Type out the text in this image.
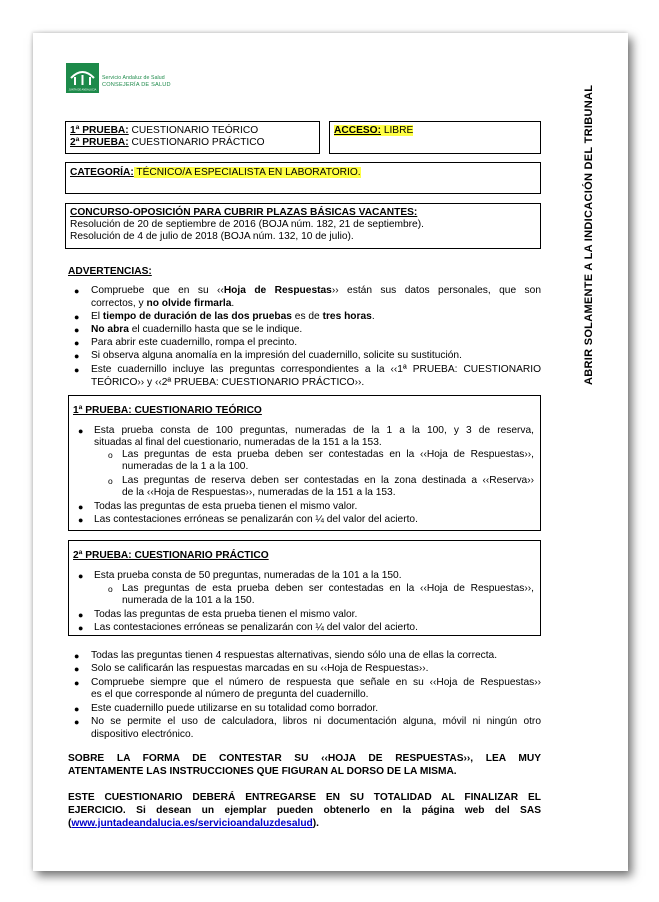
JUNTA DE ANDALUCIA
Servicio Andaluz de Salud
CONSEJERÍA DE SALUD	ABRIR SOLAMENTE A LA INDICACIÓN DEL TRIBUNAL
1ª PRUEBA: CUESTIONARIO TEÓRICO
2ª PRUEBA: CUESTIONARIO PRÁCTICO
ACCESO: LIBRE
CATEGORÍA: TÉCNICO/A ESPECIALISTA EN LABORATORIO.
CONCURSO-OPOSICIÓN PARA CUBRIR PLAZAS BÁSICAS VACANTES:
Resolución de 20 de septiembre de 2016 (BOJA núm. 182, 21 de septiembre).
Resolución de 4 de julio de 2018 (BOJA núm. 132, 10 de julio).
ADVERTENCIAS:
● Compruebe que en su ‹‹Hoja de Respuestas›› están sus datos personales, que son
correctos, y no olvide firmarla.
● El tiempo de duración de las dos pruebas es de tres horas.
● No abra el cuadernillo hasta que se le indique.
● Para abrir este cuadernillo, rompa el precinto.
● Si observa alguna anomalía en la impresión del cuadernillo, solicite su sustitución.
● Este cuadernillo incluye las preguntas correspondientes a la ‹‹1ª PRUEBA: CUESTIONARIO
TEÓRICO›› y ‹‹2ª PRUEBA: CUESTIONARIO PRÁCTICO››.
1ª PRUEBA: CUESTIONARIO TEÓRICO
● Esta prueba consta de 100 preguntas, numeradas de la 1 a la 100, y 3 de reserva,
situadas al final del cuestionario, numeradas de la 151 a la 153.
o Las preguntas de esta prueba deben ser contestadas en la ‹‹Hoja de Respuestas››,
numeradas de la 1 a la 100.
o Las preguntas de reserva deben ser contestadas en la zona destinada a ‹‹Reserva››
de la ‹‹Hoja de Respuestas››, numeradas de la 151 a la 153.
● Todas las preguntas de esta prueba tienen el mismo valor.
● Las contestaciones erróneas se penalizarán con ¼ del valor del acierto.
2ª PRUEBA: CUESTIONARIO PRÁCTICO
● Esta prueba consta de 50 preguntas, numeradas de la 101 a la 150.
o Las preguntas de esta prueba deben ser contestadas en la ‹‹Hoja de Respuestas››,
numerada de la 101 a la 150.
● Todas las preguntas de esta prueba tienen el mismo valor.
● Las contestaciones erróneas se penalizarán con ¼ del valor del acierto.
● Todas las preguntas tienen 4 respuestas alternativas, siendo sólo una de ellas la correcta.
● Solo se calificarán las respuestas marcadas en su ‹‹Hoja de Respuestas››.
● Compruebe siempre que el número de respuesta que señale en su ‹‹Hoja de Respuestas››
es el que corresponde al número de pregunta del cuadernillo.
● Este cuadernillo puede utilizarse en su totalidad como borrador.
● No se permite el uso de calculadora, libros ni documentación alguna, móvil ni ningún otro
dispositivo electrónico.
SOBRE LA FORMA DE CONTESTAR SU ‹‹HOJA DE RESPUESTAS››, LEA MUY
ATENTAMENTE LAS INSTRUCCIONES QUE FIGURAN AL DORSO DE LA MISMA.
ESTE CUESTIONARIO DEBERÁ ENTREGARSE EN SU TOTALIDAD AL FINALIZAR EL
EJERCICIO. Si desean un ejemplar pueden obtenerlo en la página web del SAS
(www.juntadeandalucia.es/servicioandaluzdesalud).
